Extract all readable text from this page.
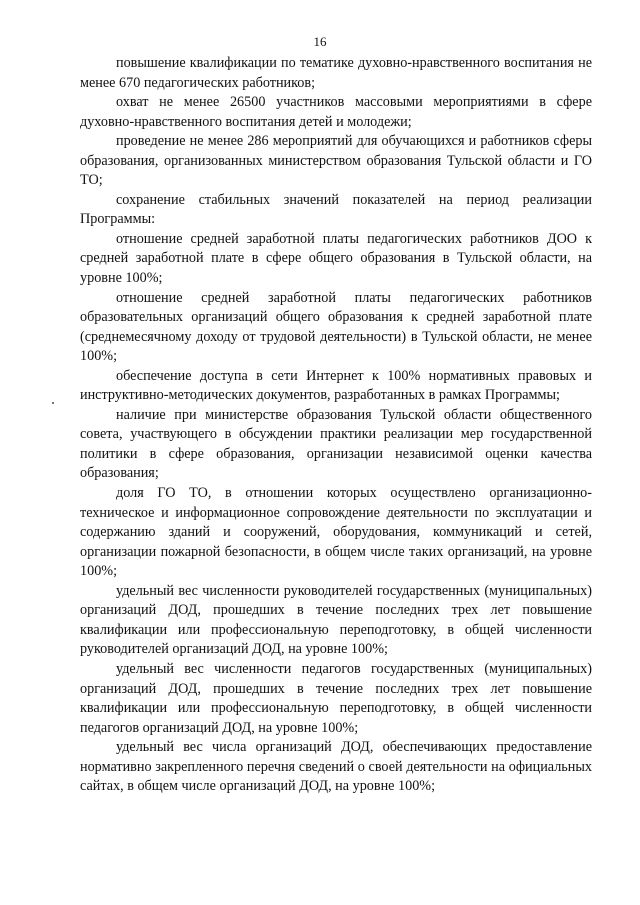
16

повышение квалификации по тематике духовно-нравственного воспитания не менее 670 педагогических работников;

охват не менее 26500 участников массовыми мероприятиями в сфере духовно-нравственного воспитания детей и молодежи;

проведение не менее 286 мероприятий для обучающихся и работников сферы образования, организованных министерством образования Тульской области и ГО ТО;

сохранение стабильных значений показателей на период реализации Программы:

отношение средней заработной платы педагогических работников ДОО к средней заработной плате в сфере общего образования в Тульской области, на уровне 100%;

отношение средней заработной платы педагогических работников образовательных организаций общего образования к средней заработной плате (среднемесячному доходу от трудовой деятельности) в Тульской области, не менее 100%;

обеспечение доступа в сети Интернет к 100% нормативных правовых и инструктивно-методических документов, разработанных в рамках Программы;

наличие при министерстве образования Тульской области общественного совета, участвующего в обсуждении практики реализации мер государственной политики в сфере образования, организации независимой оценки качества образования;

доля ГО ТО, в отношении которых осуществлено организационно-техническое и информационное сопровождение деятельности по эксплуатации и содержанию зданий и сооружений, оборудования, коммуникаций и сетей, организации пожарной безопасности, в общем числе таких организаций, на уровне 100%;

удельный вес численности руководителей государственных (муниципальных) организаций ДОД, прошедших в течение последних трех лет повышение квалификации или профессиональную переподготовку, в общей численности руководителей организаций ДОД, на уровне 100%;

удельный вес численности педагогов государственных (муниципальных) организаций ДОД, прошедших в течение последних трех лет повышение квалификации или профессиональную переподготовку, в общей численности педагогов организаций ДОД, на уровне 100%;

удельный вес числа организаций ДОД, обеспечивающих предоставление нормативно закрепленного перечня сведений о своей деятельности на официальных сайтах, в общем числе организаций ДОД, на уровне 100%;
